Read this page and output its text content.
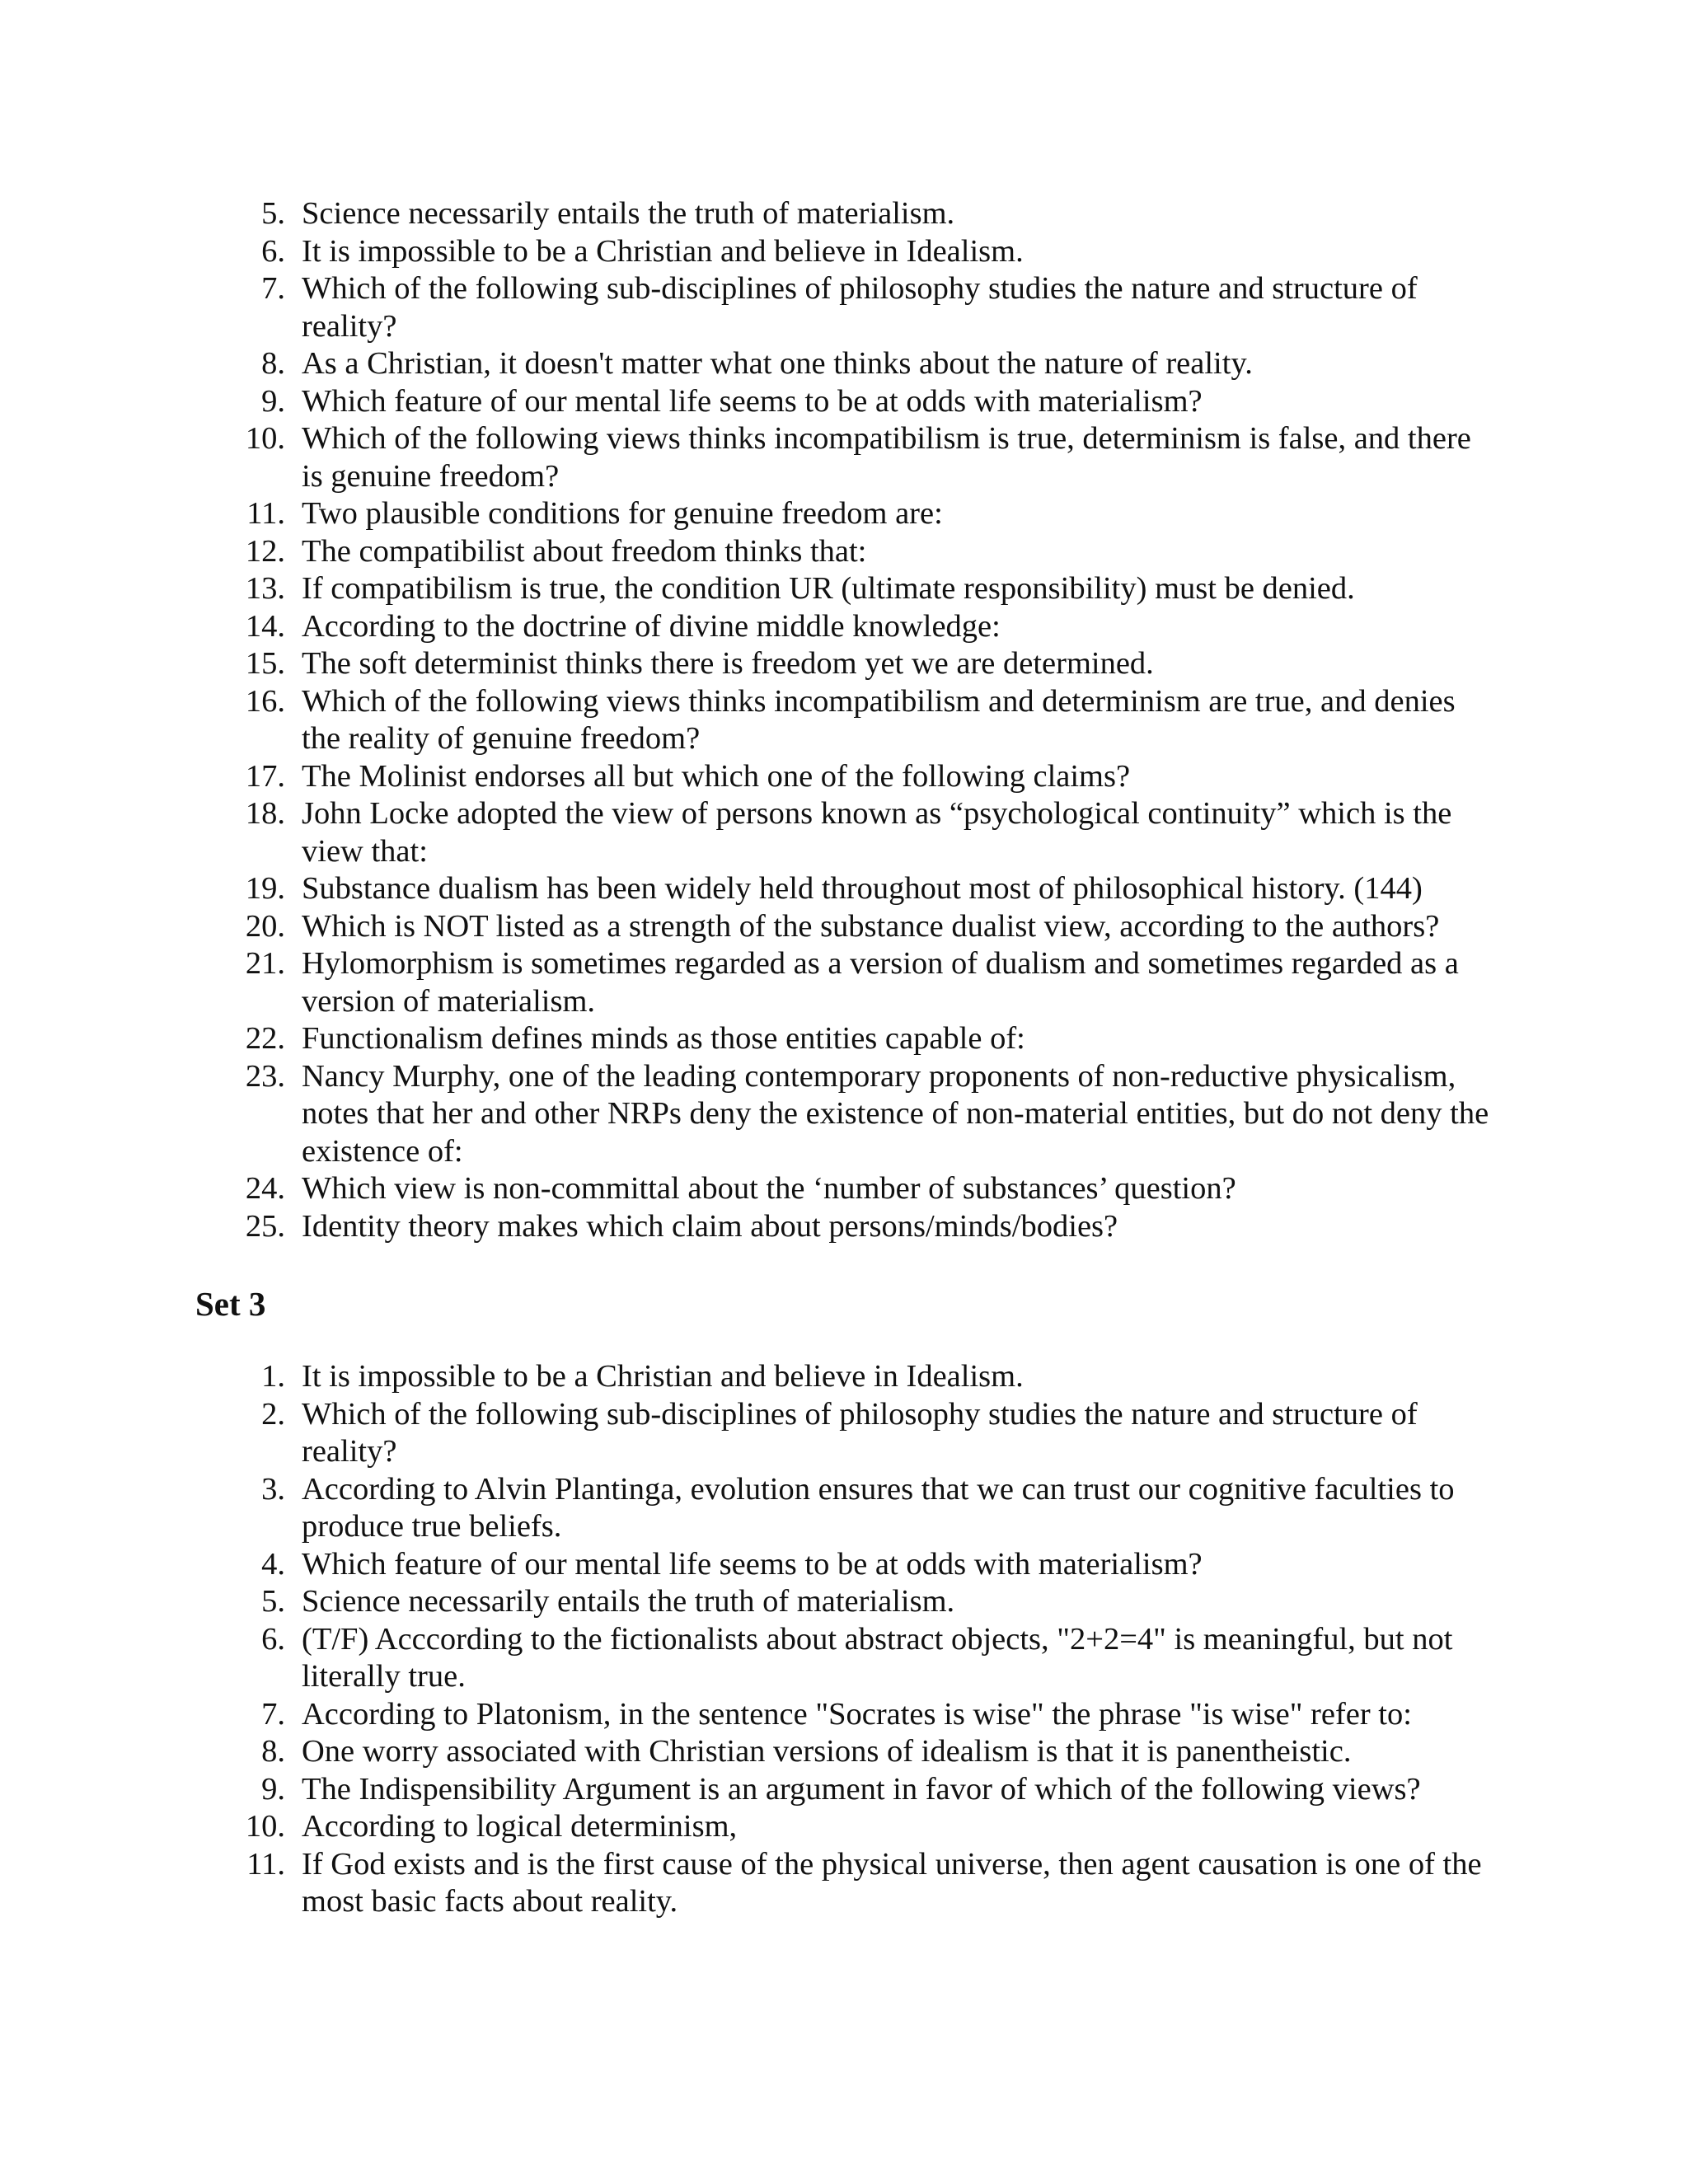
5. Science necessarily entails the truth of materialism.
6. It is impossible to be a Christian and believe in Idealism.
7. Which of the following sub-disciplines of philosophy studies the nature and structure of reality?
8. As a Christian, it doesn't matter what one thinks about the nature of reality.
9. Which feature of our mental life seems to be at odds with materialism?
10. Which of the following views thinks incompatibilism is true, determinism is false, and there is genuine freedom?
11. Two plausible conditions for genuine freedom are:
12. The compatibilist about freedom thinks that:
13. If compatibilism is true, the condition UR (ultimate responsibility) must be denied.
14. According to the doctrine of divine middle knowledge:
15. The soft determinist thinks there is freedom yet we are determined.
16. Which of the following views thinks incompatibilism and determinism are true, and denies the reality of genuine freedom?
17. The Molinist endorses all but which one of the following claims?
18. John Locke adopted the view of persons known as “psychological continuity” which is the view that:
19. Substance dualism has been widely held throughout most of philosophical history. (144)
20. Which is NOT listed as a strength of the substance dualist view, according to the authors?
21. Hylomorphism is sometimes regarded as a version of dualism and sometimes regarded as a version of materialism.
22. Functionalism defines minds as those entities capable of:
23. Nancy Murphy, one of the leading contemporary proponents of non-reductive physicalism, notes that her and other NRPs deny the existence of non-material entities, but do not deny the existence of:
24. Which view is non-committal about the ‘number of substances’ question?
25. Identity theory makes which claim about persons/minds/bodies?
Set 3
1. It is impossible to be a Christian and believe in Idealism.
2. Which of the following sub-disciplines of philosophy studies the nature and structure of reality?
3. According to Alvin Plantinga, evolution ensures that we can trust our cognitive faculties to produce true beliefs.
4. Which feature of our mental life seems to be at odds with materialism?
5. Science necessarily entails the truth of materialism.
6. (T/F) Acccording to the fictionalists about abstract objects, "2+2=4" is meaningful, but not literally true.
7. According to Platonism, in the sentence "Socrates is wise" the phrase "is wise" refer to:
8. One worry associated with Christian versions of idealism is that it is panentheistic.
9. The Indispensibility Argument is an argument in favor of which of the following views?
10. According to logical determinism,
11. If God exists and is the first cause of the physical universe, then agent causation is one of the most basic facts about reality.
